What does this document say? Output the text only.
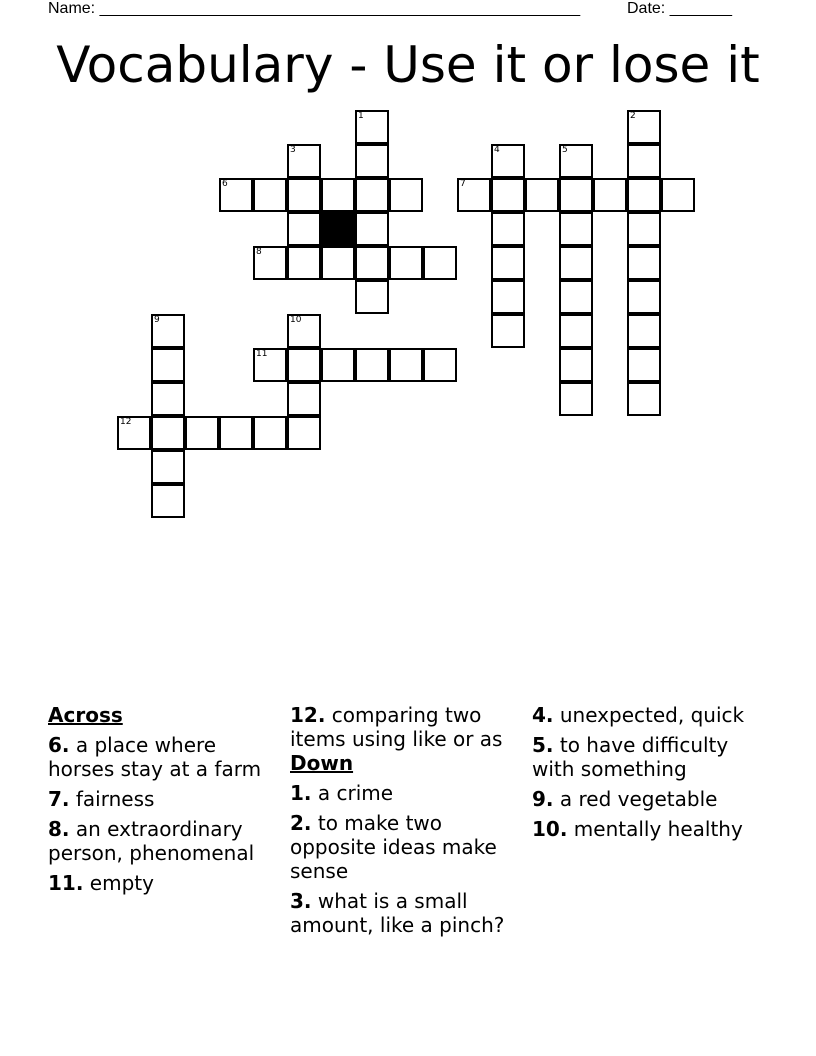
Name: ______________________________________________________	Date: _______
Vocabulary - Use it or lose it
1	2
3	4	5
6	7
8
9	10
11
12
Across
6. a place where horses stay at a farm
7. fairness
8. an extraordinary person, phenomenal
11. empty
12. comparing two items using like or as
Down
1. a crime
2. to make two opposite ideas make sense
3. what is a small amount, like a pinch?
4. unexpected, quick
5. to have difficulty with something
9. a red vegetable
10. mentally healthy
